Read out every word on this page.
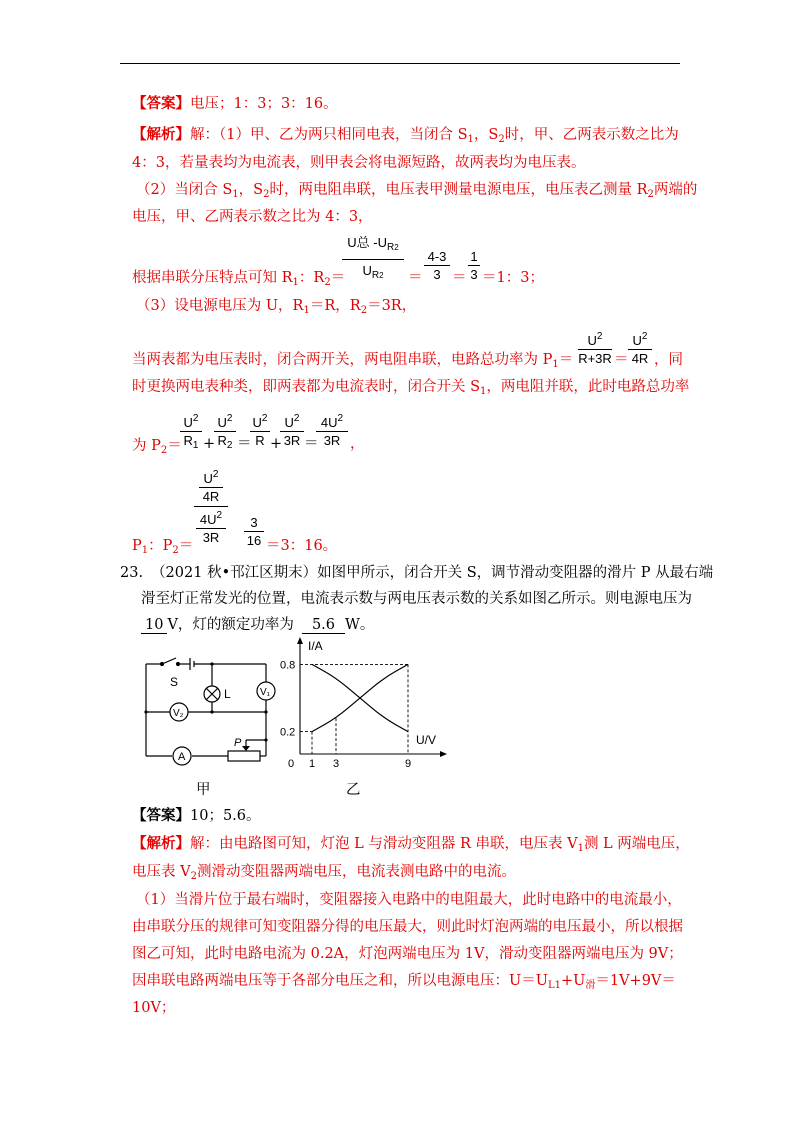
【答案】电压；1：3；3：16。
【解析】解：（1）甲、乙为两只相同电表，当闭合 $S_1$，$S_2$时，甲、乙两表示数之比为
4：3，若量表均为电流表，则甲表会将电源短路，故两表均为电压表。
（2）当闭合 $S_1$，$S_2$时，两电阻串联，电压表甲测量电源电压，电压表乙测量 $R_2$两端的
电压，甲、乙两表示数之比为 4：3，
根据串联分压特点可知 $R_1$：$R_2=$
U总 $-U_{R2}$
$U_{R2}$	＝
4-3
3 ＝
1
3 ＝1：3；
（3）设电源电压为 U，$R_1=R$，$R_2=3R$，
当两表都为电压表时，闭合两开关，两电阻串联，电路总功率为 $P_1=$
$U^2$
R+3R ＝
$U^2$
4R ，同
时更换两电表种类，即两表都为电流表时，闭合开关 $S_1$，两电阻并联，此时电路总功率
为 $P_2=$
$U^2$
$R_1$ +
$U^2$
$R_2$ ＝
$U^2$
R +
$U^2$
3R ＝
$4U^2$
3R ，
$U^2$
4R
$4U^2$
3R
$P_1$：$P_2=$
3
16 ＝3：16。
23. （2021 秋•邗江区期末）如图甲所示，闭合开关 S，调节滑动变阻器的滑片 P 从最右端
滑至灯正常发光的位置，电流表示数与两电压表示数的关系如图乙所示。则电源电压为
10 V，灯的额定功率为 5.6 W。
S
L	V₁
V₂
A
P
甲
I/A
U/V
0 1 3	9
0.2
0.8
乙
【答案】10；5.6。
【解析】解：由电路图可知，灯泡 L 与滑动变阻器 R 串联，电压表 $V_1$测 L 两端电压，
电压表 $V_2$测滑动变阻器两端电压，电流表测电路中的电流。
（1）当滑片位于最右端时，变阻器接入电路中的电阻最大，此时电路中的电流最小，
由串联分压的规律可知变阻器分得的电压最大，则此时灯泡两端的电压最小，所以根据
图乙可知，此时电路电流为 0.2A，灯泡两端电压为 1V，滑动变阻器两端电压为 9V；
因串联电路两端电压等于各部分电压之和，所以电源电压：$U=U_{L1}+U_滑=1V+9V=$
10V；
